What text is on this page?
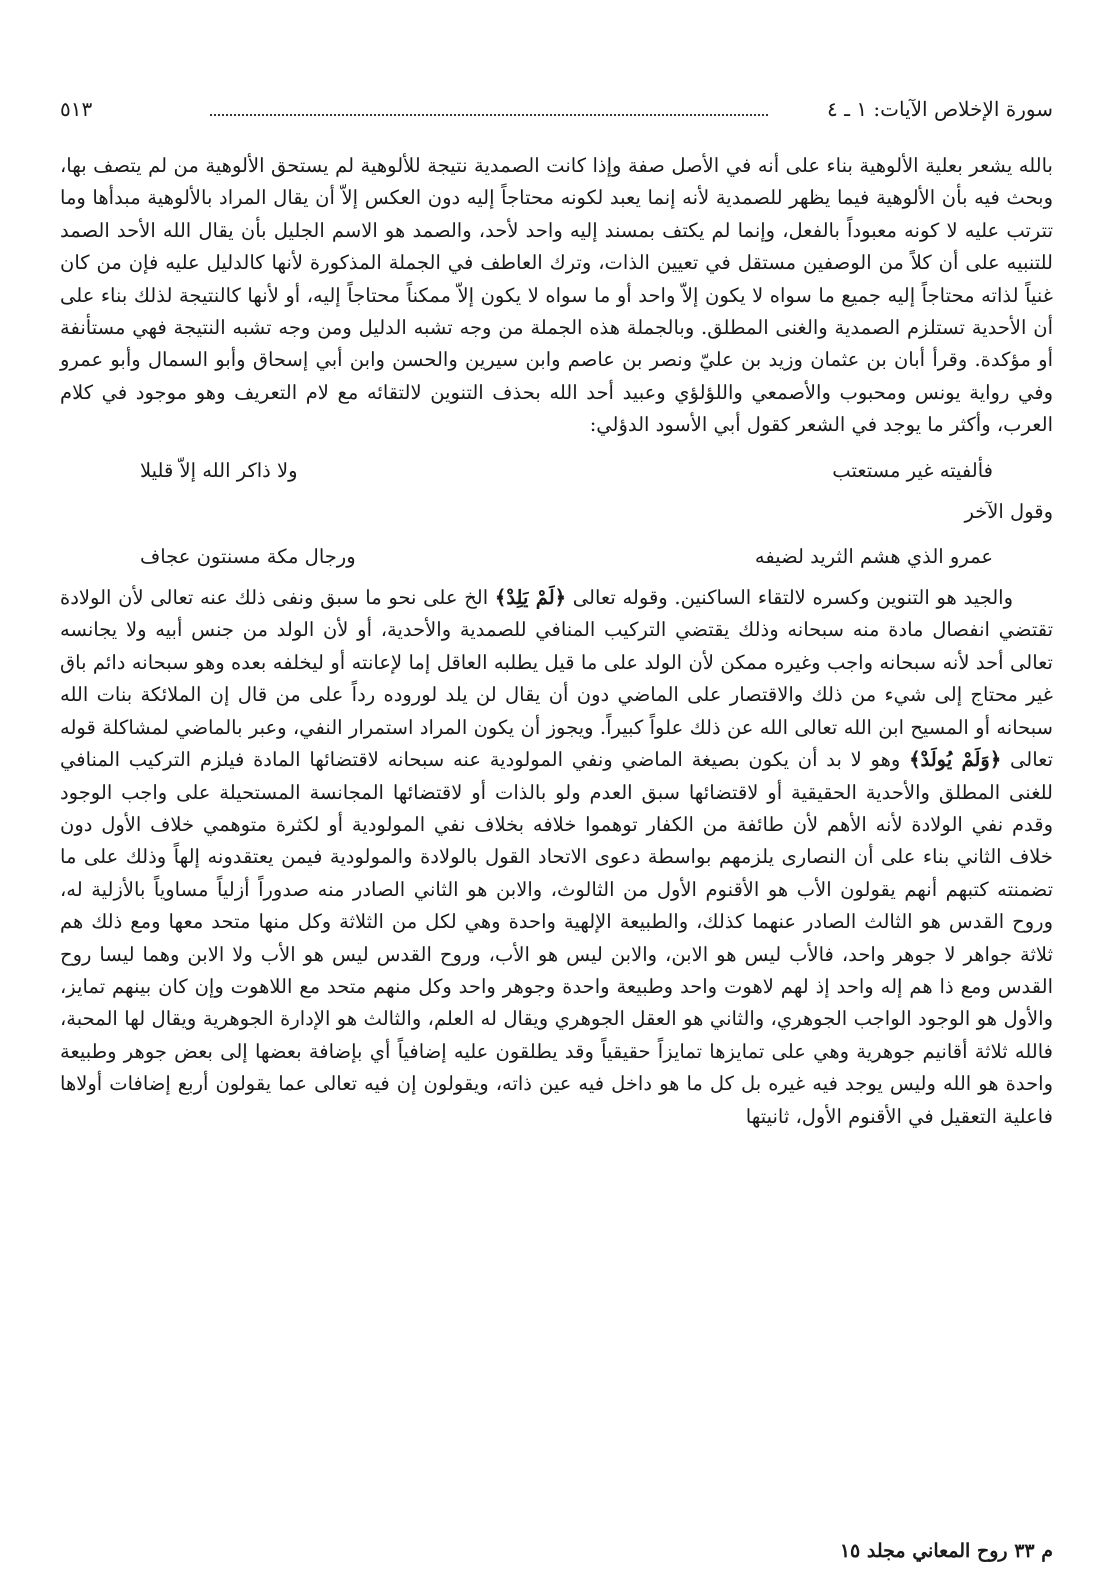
سورة الإخلاص الآيات: ١ ـ ٤
٥١٣

بالله يشعر بعلية الألوهية بناء على أنه في الأصل صفة وإذا كانت الصمدية نتيجة للألوهية لم يستحق الألوهية من لم يتصف بها، وبحث فيه بأن الألوهية فيما يظهر للصمدية لأنه إنما يعبد لكونه محتاجاً إليه دون العكس إلاّ أن يقال المراد بالألوهية مبدأها وما تترتب عليه لا كونه معبوداً بالفعل، وإنما لم يكتف بمسند إليه واحد لأحد، والصمد هو الاسم الجليل بأن يقال الله الأحد الصمد للتنبيه على أن كلاً من الوصفين مستقل في تعيين الذات، وترك العاطف في الجملة المذكورة لأنها كالدليل عليه فإن من كان غنياً لذاته محتاجاً إليه جميع ما سواه لا يكون إلاّ واحد أو ما سواه لا يكون إلاّ ممكناً محتاجاً إليه، أو لأنها كالنتيجة لذلك بناء على أن الأحدية تستلزم الصمدية والغنى المطلق. وبالجملة هذه الجملة من وجه تشبه الدليل ومن وجه تشبه النتيجة فهي مستأنفة أو مؤكدة. وقرأ أبان بن عثمان وزيد بن عليّ ونصر بن عاصم وابن سيرين والحسن وابن أبي إسحاق وأبو السمال وأبو عمرو وفي رواية يونس ومحبوب والأصمعي واللؤلؤي وعبيد أحد الله بحذف التنوين لالتقائه مع لام التعريف وهو موجود في كلام العرب، وأكثر ما يوجد في الشعر كقول أبي الأسود الدؤلي:

فألفيته غير مستعتب
ولا ذاكر الله إلاّ قليلا

وقول الآخر

عمرو الذي هشم الثريد لضيفه
ورجال مكة مسنتون عجاف

والجيد هو التنوين وكسره لالتقاء الساكنين. وقوله تعالى ﴿لَمْ يَلِدْ﴾ الخ على نحو ما سبق ونفى ذلك عنه تعالى لأن الولادة تقتضي انفصال مادة منه سبحانه وذلك يقتضي التركيب المنافي للصمدية والأحدية، أو لأن الولد من جنس أبيه ولا يجانسه تعالى أحد لأنه سبحانه واجب وغيره ممكن لأن الولد على ما قيل يطلبه العاقل إما لإعانته أو ليخلفه بعده وهو سبحانه دائم باق غير محتاج إلى شيء من ذلك والاقتصار على الماضي دون أن يقال لن يلد لوروده رداً على من قال إن الملائكة بنات الله سبحانه أو المسيح ابن الله تعالى الله عن ذلك علواً كبيراً. ويجوز أن يكون المراد استمرار النفي، وعبر بالماضي لمشاكلة قوله تعالى ﴿وَلَمْ يُولَدْ﴾ وهو لا بد أن يكون بصيغة الماضي ونفي المولودية عنه سبحانه لاقتضائها المادة فيلزم التركيب المنافي للغنى المطلق والأحدية الحقيقية أو لاقتضائها سبق العدم ولو بالذات أو لاقتضائها المجانسة المستحيلة على واجب الوجود وقدم نفي الولادة لأنه الأهم لأن طائفة من الكفار توهموا خلافه بخلاف نفي المولودية أو لكثرة متوهمي خلاف الأول دون خلاف الثاني بناء على أن النصارى يلزمهم بواسطة دعوى الاتحاد القول بالولادة والمولودية فيمن يعتقدونه إلهاً وذلك على ما تضمنته كتبهم أنهم يقولون الأب هو الأقنوم الأول من الثالوث، والابن هو الثاني الصادر منه صدوراً أزلياً مساوياً بالأزلية له، وروح القدس هو الثالث الصادر عنهما كذلك، والطبيعة الإلهية واحدة وهي لكل من الثلاثة وكل منها متحد معها ومع ذلك هم ثلاثة جواهر لا جوهر واحد، فالأب ليس هو الابن، والابن ليس هو الأب، وروح القدس ليس هو الأب ولا الابن وهما ليسا روح القدس ومع ذا هم إله واحد إذ لهم لاهوت واحد وطبيعة واحدة وجوهر واحد وكل منهم متحد مع اللاهوت وإن كان بينهم تمايز، والأول هو الوجود الواجب الجوهري، والثاني هو العقل الجوهري ويقال له العلم، والثالث هو الإدارة الجوهرية ويقال لها المحبة، فالله ثلاثة أقانيم جوهرية وهي على تمايزها تمايزاً حقيقياً وقد يطلقون عليه إضافياً أي بإضافة بعضها إلى بعض جوهر وطبيعة واحدة هو الله وليس يوجد فيه غيره بل كل ما هو داخل فيه عين ذاته، ويقولون إن فيه تعالى عما يقولون أربع إضافات أولاها فاعلية التعقيل في الأقنوم الأول، ثانيتها

م ٣٣ روح المعاني مجلد ١٥
